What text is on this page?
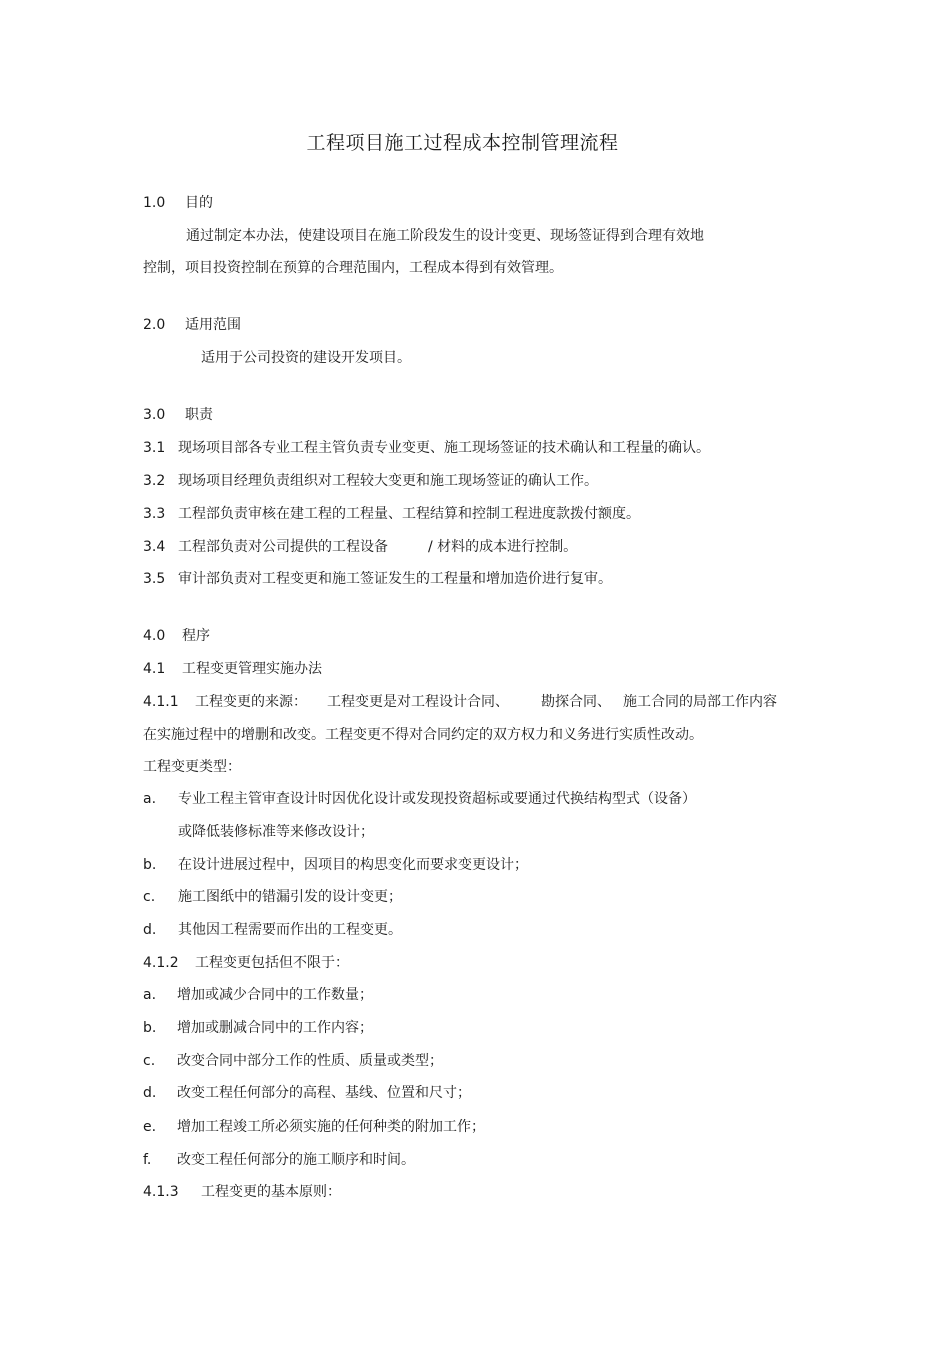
工程项目施工过程成本控制管理流程
1.0 目的
通过制定本办法，使建设项目在施工阶段发生的设计变更、现场签证得到合理有效地
控制，项目投资控制在预算的合理范围内，工程成本得到有效管理。
2.0 适用范围
适用于公司投资的建设开发项目。
3.0 职责
3.1 现场项目部各专业工程主管负责专业变更、施工现场签证的技术确认和工程量的确认。
3.2 现场项目经理负责组织对工程较大变更和施工现场签证的确认工作。
3.3 工程部负责审核在建工程的工程量、工程结算和控制工程进度款拨付额度。
3.4 工程部负责对公司提供的工程设备	/ 材料的成本进行控制。
3.5 审计部负责对工程变更和施工签证发生的工程量和增加造价进行复审。
4.0 程序
4.1 工程变更管理实施办法
4.1.1 工程变更的来源： 工程变更是对工程设计合同、 勘探合同、 施工合同的局部工作内容
在实施过程中的增删和改变。工程变更不得对合同约定的双方权力和义务进行实质性改动。
工程变更类型：
a. 专业工程主管审查设计时因优化设计或发现投资超标或要通过代换结构型式（设备）
或降低装修标准等来修改设计；
b. 在设计进展过程中，因项目的构思变化而要求变更设计；
c. 施工图纸中的错漏引发的设计变更；
d. 其他因工程需要而作出的工程变更。
4.1.2 工程变更包括但不限于：
a. 增加或减少合同中的工作数量；
b. 增加或删减合同中的工作内容；
c. 改变合同中部分工作的性质、质量或类型；
d. 改变工程任何部分的高程、基线、位置和尺寸；
e. 增加工程竣工所必须实施的任何种类的附加工作；
f. 改变工程任何部分的施工顺序和时间。
4.1.3 工程变更的基本原则：
